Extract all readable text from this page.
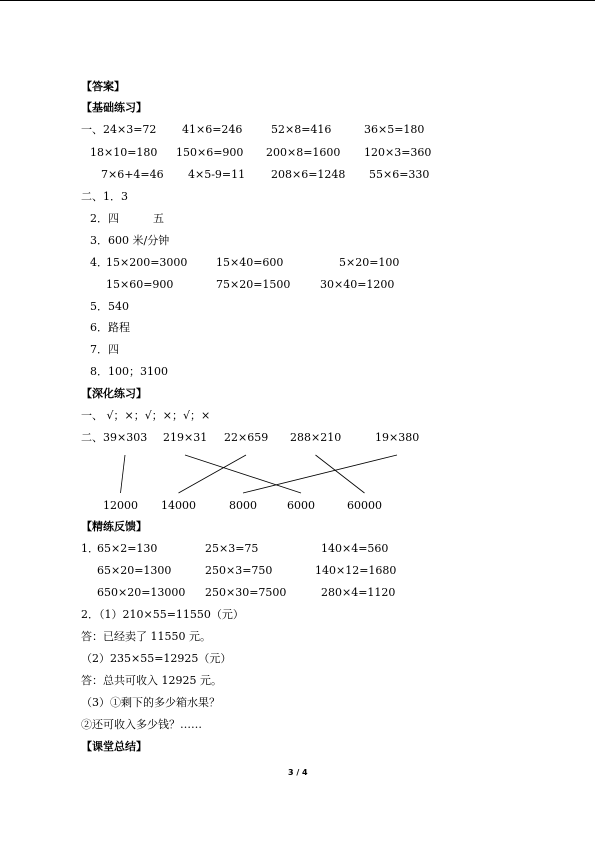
【答案】
【基础练习】
一、 24×3=72 41×6=246	52×8=416	36×5=180
18×10=180 150×6=900 200×8=1600 120×3=360
7×6+4=46 4×5-9=11 208×6=1248 55×6=330
二、 1．3
2．四	五
3．600 米/分钟
4．
15×200=3000	15×40=600	5×20=100
15×60=900	75×20=1500	30×40=1200
5．540
6．路程
7．四
8．100；3100
【深化练习】
一、 √；×；√；×；√；×
二、 39×303 219×31 22×659 288×210	19×380
12000 14000	8000	6000	60000
【精练反馈】
1．
65×2=130	25×3=75	140×4=560
65×20=1300	250×3=750	140×12=1680
650×20=13000 250×30=7500	280×4=1120
2．（1）210×55=11550（元）
答：已经卖了 11550 元。
（2）235×55=12925（元）
答：总共可收入 12925 元。
（3）①剩下的多少箱水果？
②还可收入多少钱？……
【课堂总结】
3 / 4
